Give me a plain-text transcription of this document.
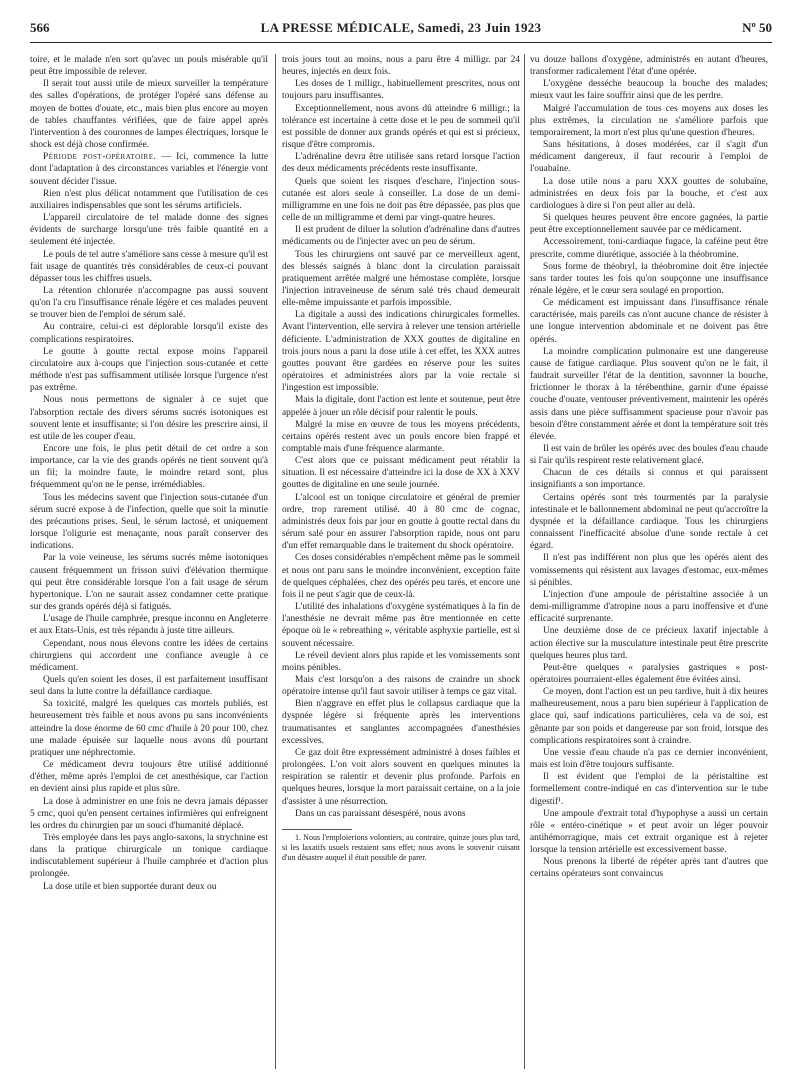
566	LA PRESSE MÉDICALE, Samedi, 23 Juin 1923	Nº 50

toire, et le malade n'en sort qu'avec un pouls misérable qu'il peut être impossible de relever.

Il serait tout aussi utile de mieux surveiller la température des salles d'opérations, de protéger l'opéré sans défense au moyen de bottes d'ouate, etc., mais bien plus encore au moyen de tables chauffantes vérifiées, que de faire appel après l'intervention à des couronnes de lampes électriques, lorsque le shock est déjà chose confirmée.

Période post-opératoire. — Ici, commence la lutte dont l'adaptation à des circonstances variables et l'énergie vont souvent décider l'issue.

Rien n'est plus délicat notamment que l'utilisation de ces auxiliaires indispensables que sont les sérums artificiels.

L'appareil circulatoire de tel malade donne des signes évidents de surcharge lorsqu'une très faible quantité en a seulement été injectée.

Le pouls de tel autre s'améliore sans cesse à mesure qu'il est fait usage de quantités très considérables de ceux-ci pouvant dépasser tous les chiffres usuels.

La rétention chlorurée n'accompagne pas aussi souvent qu'on l'a cru l'insuffisance rénale légère et ces malades peuvent se trouver bien de l'emploi de sérum salé.

Au contraire, celui-ci est déplorable lorsqu'il existe des complications respiratoires.

Le goutte à goutte rectal expose moins l'appareil circulatoire aux à-coups que l'injection sous-cutanée et cette méthode n'est pas suffisamment utilisée lorsque l'urgence n'est pas extrême.

Nous nous permettons de signaler à ce sujet que l'absorption rectale des divers sérums sucrés isotoniques est souvent lente et insuffisante; si l'on désire les prescrire ainsi, il est utile de les couper d'eau.

Encore une fois, le plus petit détail de cet ordre a son importance, car la vie des grands opérés ne tient souvent qu'à un fil; la moindre faute, le moindre retard sont, plus fréquemment qu'on ne le pense, irrémédiables.

Tous les médecins savent que l'injection sous-cutanée d'un sérum sucré expose à de l'infection, quelle que soit la minutie des précautions prises. Seul, le sérum lactosé, et uniquement lorsque l'oligurie est menaçante, nous paraît conserver des indications.

Par la voie veineuse, les sérums sucrés même isotoniques causent fréquemment un frisson suivi d'élévation thermique qui peut être considérable lorsque l'on a fait usage de sérum hypertonique. L'on ne saurait assez condamner cette pratique sur des grands opérés déjà si fatigués.

L'usage de l'huile camphrée, presque inconnu en Angleterre et aux Etats-Unis, est très répandu à juste titre ailleurs.

Cependant, nous nous élevons contre les idées de certains chirurgiens qui accordent une confiance aveugle à ce médicament.

Quels qu'en soient les doses, il est parfaitement insuffisant seul dans la lutte contre la défaillance cardiaque.

Sa toxicité, malgré les quelques cas mortels publiés, est heureusement très faible et nous avons pu sans inconvénients atteindre la dose énorme de 60 cmc d'huile à 20 pour 100, chez une malade épuisée sur laquelle nous avons dû pourtant pratiquer une néphrectomie.

Ce médicament devra toujours être utilisé additionné d'éther, même après l'emploi de cet anesthésique, car l'action en devient ainsi plus rapide et plus sûre.

La dose à administrer en une fois ne devra jamais dépasser 5 cmc, quoi qu'en pensent certaines infirmières qui enfreignent les ordres du chirurgien par un souci d'humanité déplacé.

Très employée dans les pays anglo-saxons, la strychnine est dans la pratique chirurgicale un tonique cardiaque indiscutablement supérieur à l'huile camphrée et d'action plus prolongée.

La dose utile et bien supportée durant deux ou

trois jours tout au moins, nous a paru être 4 milligr. par 24 heures, injectés en deux fois.

Les doses de 1 milligr., habituellement prescrites, nous ont toujours paru insuffisantes.

Exceptionnellement, nous avons dû atteindre 6 milligr.; la tolérance est incertaine à cette dose et le peu de sommeil qu'il est possible de donner aux grands opérés et qui est si précieux, risque d'être compromis.

L'adrénaline devra être utilisée sans retard lorsque l'action des deux médicaments précédents reste insuffisante.

Quels que soient les risques d'eschare, l'injection sous-cutanée est alors seule à conseiller. La dose de un demi-milligramme en une fois ne doit pas être dépassée, pas plus que celle de un milligramme et demi par vingt-quatre heures.

Il est prudent de diluer la solution d'adrénaline dans d'autres médicaments ou de l'injecter avec un peu de sérum.

Tous les chirurgiens ont sauvé par ce merveilleux agent, des blessés saignés à blanc dont la circulation paraissait pratiquement arrêtée malgré une hémostase complète, lorsque l'injection intraveineuse de sérum salé très chaud demeurait elle-même impuissante et parfois impossible.

La digitale a aussi des indications chirurgicales formelles. Avant l'intervention, elle servira à relever une tension artérielle déficiente. L'administration de XXX gouttes de digitaline en trois jours nous a paru la dose utile à cet effet, les XXX autres gouttes pouvant être gardées en réserve pour les suites opératoires et administrées alors par la voie rectale si l'ingestion est impossible.

Mais la digitale, dont l'action est lente et soutenue, peut être appelée à jouer un rôle décisif pour ralentir le pouls.

Malgré la mise en œuvre de tous les moyens précédents, certains opérés restent avec un pouls encore bien frappé et comptable mais d'une fréquence alarmante.

C'est alors que ce puissant médicament peut rétablir la situation. Il est nécessaire d'atteindre ici la dose de XX à XXV gouttes de digitaline en une seule journée.

L'alcool est un tonique circulatoire et général de premier ordre, trop rarement utilisé. 40 à 80 cmc de cognac, administrés deux fois par jour en goutte à goutte rectal dans du sérum salé pour en assurer l'absorption rapide, nous ont paru d'un effet remarquable dans le traitement du shock opératoire.

Ces doses considérables n'empêchent même pas le sommeil et nous ont paru sans le moindre inconvénient, exception faite de quelques céphalées, chez des opérés peu tarés, et encore une fois il ne peut s'agir que de ceux-là.

L'utilité des inhalations d'oxygène systématiques à la fin de l'anesthésie ne devrait même pas être mentionnée en cette époque où le « rebreathing », véritable asphyxie partielle, est si souvent nécessaire.

Le réveil devient alors plus rapide et les vomissements sont moins pénibles.

Mais c'est lorsqu'on a des raisons de craindre un shock opératoire intense qu'il faut savoir utiliser à temps ce gaz vital.

Bien n'aggrave en effet plus le collapsus cardiaque que la dyspnée légère si fréquente après les interventions traumatisantes et sanglantes accompagnées d'anesthésies excessives.

Ce gaz doit être expressément administré à doses faibles et prolongées. L'on voit alors souvent en quelques minutes la respiration se ralentir et devenir plus profonde. Parfois en quelques heures, lorsque la mort paraissait certaine, on a la joie d'assister à une résurrection.

Dans un cas paraissant désespéré, nous avons

1. Nous l'emploierions volontiers, au contraire, quinze jours plus tard, si les laxatifs usuels restaient sans effet; nous avons le souvenir cuisant d'un désastre auquel il était possible de parer.

vu douze ballons d'oxygène, administrés en autant d'heures, transformer radicalement l'état d'une opérée.

L'oxygène desséche beaucoup la bouche des malades; mieux vaut les faire souffrir ainsi que de les perdre.

Malgré l'accumulation de tous ces moyens aux doses les plus extrêmes, la circulation ne s'améliore parfois que temporairement, la mort n'est plus qu'une question d'heures.

Sans hésitations, à doses modérées, car il s'agit d'un médicament dangereux, il faut recourir à l'emploi de l'ouabaïne.

La dose utile nous a paru XXX gouttes de solubaïne, administrées en deux fois par la bouche, et c'est aux cardiologues à dire si l'on peut aller au delà.

Si quelques heures peuvent être encore gagnées, la partie peut être exceptionnellement sauvée par ce médicament.

Accessoirement, toni-cardiaque fugace, la caféine peut être prescrite, comme diurétique, associée à la théobromine.

Sous forme de théobryl, la théobromine doit être injectée sans tarder toutes les fois qu'on soupçonne une insuffisance rénale légère, et le cœur sera soulagé en proportion.

Ce médicament est impuissant dans l'insuffisance rénale caractérisée, mais pareils cas n'ont aucune chance de résister à une longue intervention abdominale et ne doivent pas être opérés.

La moindre complication pulmonaire est une dangereuse cause de fatigue cardiaque. Plus souvent qu'on ne le fait, il faudrait surveiller l'état de la dentition, savonner la bouche, frictionner le thorax à la térébenthine, garnir d'une épaisse couche d'ouate, ventouser préventivement, maintenir les opérés assis dans une pièce suffisamment spacieuse pour n'avoir pas besoin d'être constamment aérée et dont la température soit très élevée.

Il est vain de brûler les opérés avec des boules d'eau chaude si l'air qu'ils respirent reste relativement glacé.

Chacun de ces détails si connus et qui paraissent insignifiants a son importance.

Certains opérés sont très tourmentés par la paralysie intestinale et le ballonnement abdominal ne peut qu'accroître la dyspnée et la défaillance cardiaque. Tous les chirurgiens connaissent l'inefficacité absolue d'une sonde rectale à cet égard.

Il n'est pas indifférent non plus que les opérés aient des vomissements qui résistent aux lavages d'estomac, eux-mêmes si pénibles.

L'injection d'une ampoule de péristaltine associée à un demi-milligramme d'atropine nous a paru inoffensive et d'une efficacité surprenante.

Une deuxième dose de ce précieux laxatif injectable à action élective sur la musculature intestinale peut être prescrite quelques heures plus tard.

Peut-être quelques « paralysies gastriques » post-opératoires pourraient-elles également être évitées ainsi.

Ce moyen, dont l'action est un peu tardive, huit à dix heures malheureusement, nous a paru bien supérieur à l'application de glace qui, sauf indications particulières, cela va de soi, est gênante par son poids et dangereuse par son froid, lorsque des complications respiratoires sont à craindre.

Une vessie d'eau chaude n'a pas ce dernier inconvénient, mais est loin d'être toujours suffisante.

Il est évident que l'emploi de la péristaltine est formellement contre-indiqué en cas d'intervention sur le tube digestif¹.

Une ampoule d'extrait total d'hypophyse a aussi un certain rôle « entéro-cinétique » et peut avoir un léger pouvoir antihémorragique, mais cet extrait organique est à rejeter lorsque la tension artérielle est excessivement basse.

Nous prenons la liberté de répéter après tant d'autres que certains opérateurs sont convaincus
